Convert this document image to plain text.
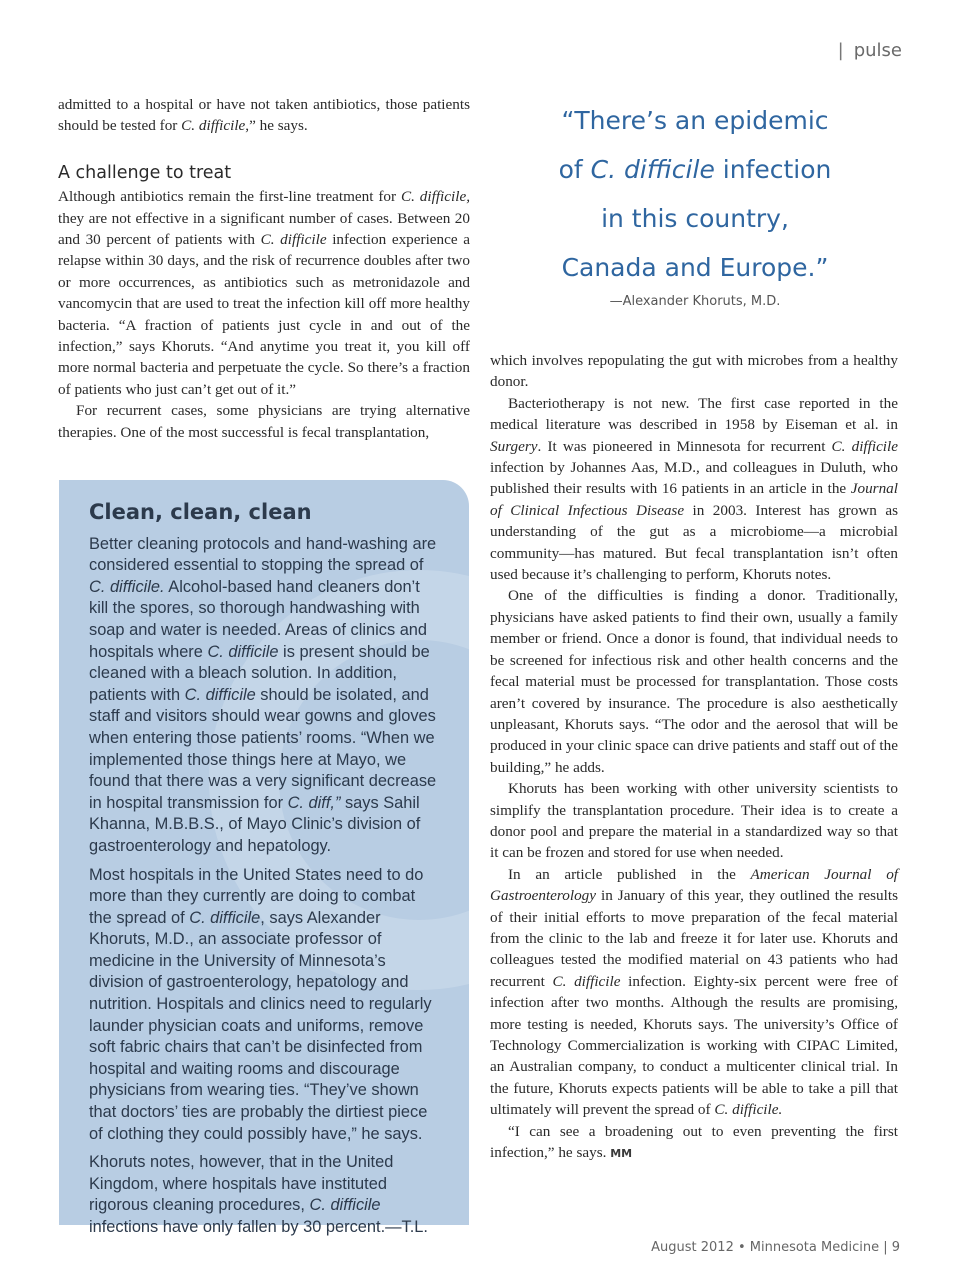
| pulse

admitted to a hospital or have not taken antibiotics, those patients should be tested for C. difficile,” he says.

A challenge to treat

Although antibiotics remain the first-line treatment for C. difficile, they are not effective in a significant number of cases. Between 20 and 30 percent of patients with C. difficile infection experience a relapse within 30 days, and the risk of recurrence doubles after two or more occurrences, as antibiotics such as metronidazole and vancomycin that are used to treat the infection kill off more healthy bacteria. “A fraction of patients just cycle in and out of the infection,” says Khoruts. “And anytime you treat it, you kill off more normal bacteria and perpetuate the cycle. So there’s a fraction of patients who just can’t get out of it.”

For recurrent cases, some physicians are trying alternative therapies. One of the most successful is fecal transplantation,

Clean, clean, clean

Better cleaning protocols and hand-washing are considered essential to stopping the spread of C. difficile. Alcohol-based hand cleaners don’t kill the spores, so thorough handwashing with soap and water is needed. Areas of clinics and hospitals where C. difficile is present should be cleaned with a bleach solution. In addition, patients with C. difficile should be isolated, and staff and visitors should wear gowns and gloves when entering those patients’ rooms. “When we implemented those things here at Mayo, we found that there was a very significant decrease in hospital transmission for C. diff,” says Sahil Khanna, M.B.B.S., of Mayo Clinic’s division of gastroenterology and hepatology.

Most hospitals in the United States need to do more than they currently are doing to combat the spread of C. difficile, says Alexander Khoruts, M.D., an associate professor of medicine in the University of Minnesota’s division of gastroenterology, hepatology and nutrition. Hospitals and clinics need to regularly launder physician coats and uniforms, remove soft fabric chairs that can’t be disinfected from hospital and waiting rooms and discourage physicians from wearing ties. “They’ve shown that doctors’ ties are probably the dirtiest piece of clothing they could possibly have,” he says.

Khoruts notes, however, that in the United Kingdom, where hospitals have instituted rigorous cleaning procedures, C. difficile infections have only fallen by 30 percent.—T.L.

“There’s an epidemic
of C. difficile infection
in this country,
Canada and Europe.”
—Alexander Khoruts, M.D.

which involves repopulating the gut with microbes from a healthy donor.

Bacteriotherapy is not new. The first case reported in the medical literature was described in 1958 by Eiseman et al. in Surgery. It was pioneered in Minnesota for recurrent C. difficile infection by Johannes Aas, M.D., and colleagues in Duluth, who published their results with 16 patients in an article in the Journal of Clinical Infectious Disease in 2003. Interest has grown as understanding of the gut as a microbiome—a microbial community—has matured. But fecal transplantation isn’t often used because it’s challenging to perform, Khoruts notes.

One of the difficulties is finding a donor. Traditionally, physicians have asked patients to find their own, usually a family member or friend. Once a donor is found, that individual needs to be screened for infectious risk and other health concerns and the fecal material must be processed for transplantation. Those costs aren’t covered by insurance. The procedure is also aesthetically unpleasant, Khoruts says. “The odor and the aerosol that will be produced in your clinic space can drive patients and staff out of the building,” he adds.

Khoruts has been working with other university scientists to simplify the transplantation procedure. Their idea is to create a donor pool and prepare the material in a standardized way so that it can be frozen and stored for use when needed.

In an article published in the American Journal of Gastroenterology in January of this year, they outlined the results of their initial efforts to move preparation of the fecal material from the clinic to the lab and freeze it for later use. Khoruts and colleagues tested the modified material on 43 patients who had recurrent C. difficile infection. Eighty-six percent were free of infection after two months. Although the results are promising, more testing is needed, Khoruts says. The university’s Office of Technology Commercialization is working with CIPAC Limited, an Australian company, to conduct a multicenter clinical trial. In the future, Khoruts expects patients will be able to take a pill that ultimately will prevent the spread of C. difficile.

“I can see a broadening out to even preventing the first infection,” he says. MM

August 2012 • Minnesota Medicine | 9
